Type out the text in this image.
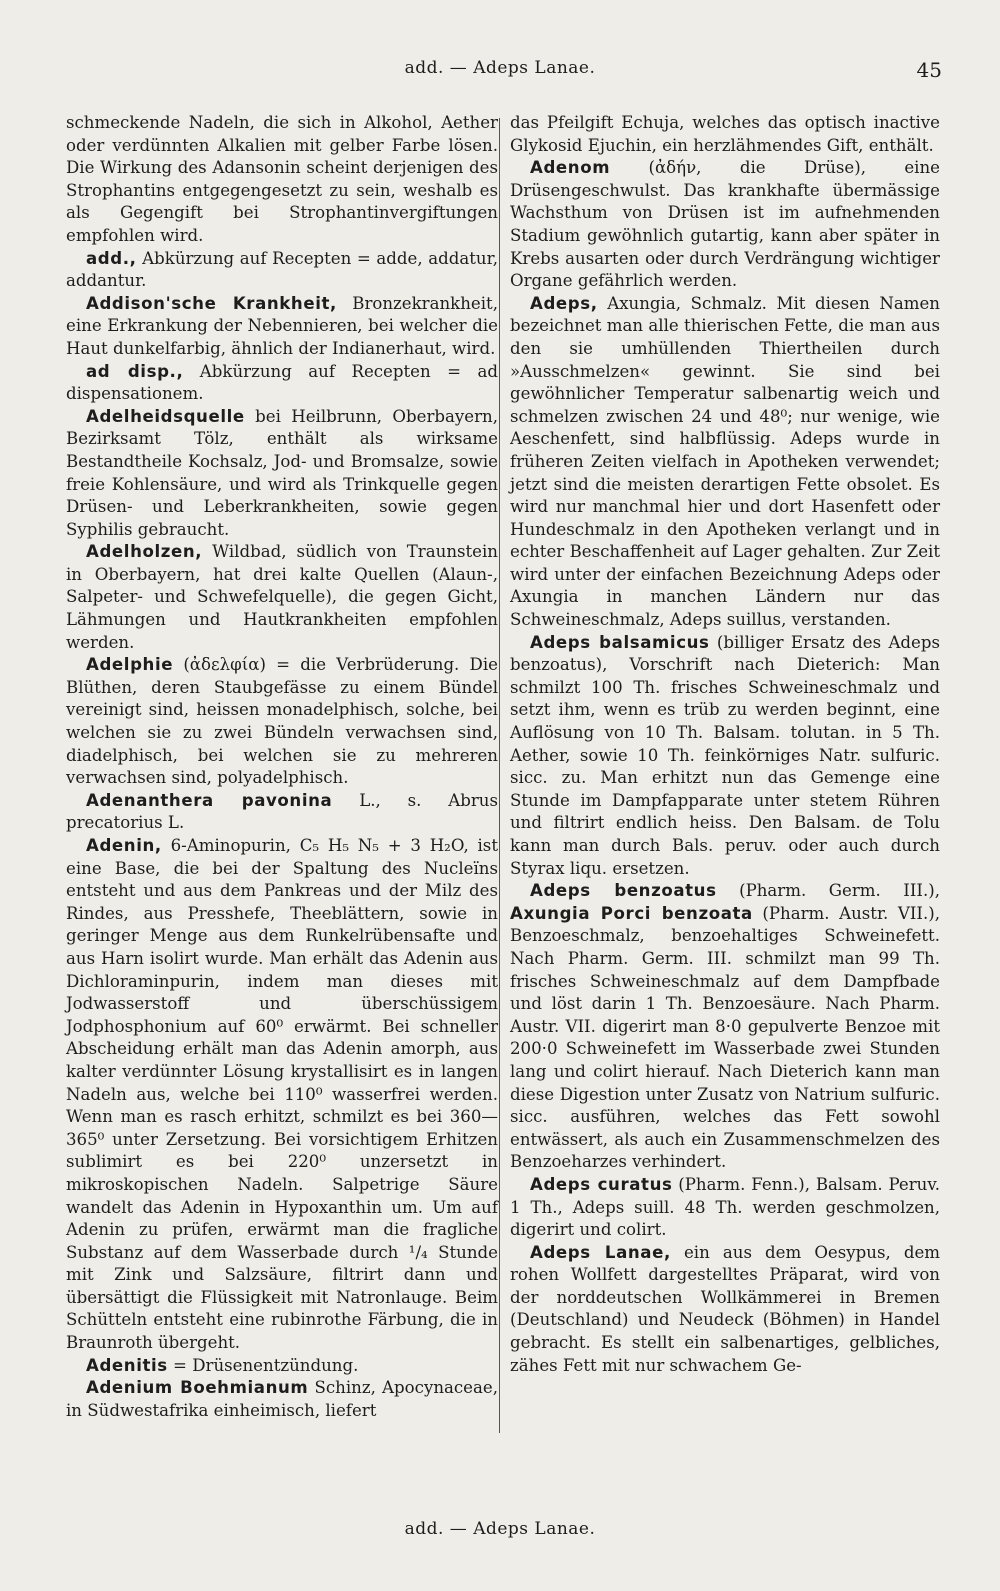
add. — Adeps Lanae.	45

schmeckende Nadeln, die sich in Alkohol, Aether oder verdünnten Alkalien mit gelber Farbe lösen. Die Wirkung des Adansonin scheint derjenigen des Strophantins entgegengesetzt zu sein, weshalb es als Gegengift bei Strophantinvergiftungen empfohlen wird.

add., Abkürzung auf Recepten = adde, addatur, addantur.

Addison'sche Krankheit, Bronzekrankheit, eine Erkrankung der Nebennieren, bei welcher die Haut dunkelfarbig, ähnlich der Indianerhaut, wird.

ad disp., Abkürzung auf Recepten = ad dispensationem.

Adelheidsquelle bei Heilbrunn, Oberbayern, Bezirksamt Tölz, enthält als wirksame Bestandtheile Kochsalz, Jod- und Bromsalze, sowie freie Kohlensäure, und wird als Trinkquelle gegen Drüsen- und Leberkrankheiten, sowie gegen Syphilis gebraucht.

Adelholzen, Wildbad, südlich von Traunstein in Oberbayern, hat drei kalte Quellen (Alaun-, Salpeter- und Schwefelquelle), die gegen Gicht, Lähmungen und Hautkrankheiten empfohlen werden.

Adelphie (ἀδελφία) = die Verbrüderung. Die Blüthen, deren Staubgefässe zu einem Bündel vereinigt sind, heissen monadelphisch, solche, bei welchen sie zu zwei Bündeln verwachsen sind, diadelphisch, bei welchen sie zu mehreren verwachsen sind, polyadelphisch.

Adenanthera pavonina L., s. Abrus precatorius L.

Adenin, 6-Aminopurin, C₅ H₅ N₅ + 3 H₂O, ist eine Base, die bei der Spaltung des Nucleïns entsteht und aus dem Pankreas und der Milz des Rindes, aus Presshefe, Theeblättern, sowie in geringer Menge aus dem Runkelrübensafte und aus Harn isolirt wurde. Man erhält das Adenin aus Dichloraminpurin, indem man dieses mit Jodwasserstoff und überschüssigem Jodphosphonium auf 60⁰ erwärmt. Bei schneller Abscheidung erhält man das Adenin amorph, aus kalter verdünnter Lösung krystallisirt es in langen Nadeln aus, welche bei 110⁰ wasserfrei werden. Wenn man es rasch erhitzt, schmilzt es bei 360—365⁰ unter Zersetzung. Bei vorsichtigem Erhitzen sublimirt es bei 220⁰ unzersetzt in mikroskopischen Nadeln. Salpetrige Säure wandelt das Adenin in Hypoxanthin um. Um auf Adenin zu prüfen, erwärmt man die fragliche Substanz auf dem Wasserbade durch ¹/₄ Stunde mit Zink und Salzsäure, filtrirt dann und übersättigt die Flüssigkeit mit Natronlauge. Beim Schütteln entsteht eine rubinrothe Färbung, die in Braunroth übergeht.

Adenitis = Drüsenentzündung.

Adenium Boehmianum Schinz, Apocynaceae, in Südwestafrika einheimisch, liefert

das Pfeilgift Echuja, welches das optisch inactive Glykosid Ejuchin, ein herzlähmendes Gift, enthält.

Adenom (ἀδήν, die Drüse), eine Drüsengeschwulst. Das krankhafte übermässige Wachsthum von Drüsen ist im aufnehmenden Stadium gewöhnlich gutartig, kann aber später in Krebs ausarten oder durch Verdrängung wichtiger Organe gefährlich werden.

Adeps, Axungia, Schmalz. Mit diesen Namen bezeichnet man alle thierischen Fette, die man aus den sie umhüllenden Thiertheilen durch »Ausschmelzen« gewinnt. Sie sind bei gewöhnlicher Temperatur salbenartig weich und schmelzen zwischen 24 und 48⁰; nur wenige, wie Aeschenfett, sind halbflüssig. Adeps wurde in früheren Zeiten vielfach in Apotheken verwendet; jetzt sind die meisten derartigen Fette obsolet. Es wird nur manchmal hier und dort Hasenfett oder Hundeschmalz in den Apotheken verlangt und in echter Beschaffenheit auf Lager gehalten. Zur Zeit wird unter der einfachen Bezeichnung Adeps oder Axungia in manchen Ländern nur das Schweineschmalz, Adeps suillus, verstanden.

Adeps balsamicus (billiger Ersatz des Adeps benzoatus), Vorschrift nach Dieterich: Man schmilzt 100 Th. frisches Schweineschmalz und setzt ihm, wenn es trüb zu werden beginnt, eine Auflösung von 10 Th. Balsam. tolutan. in 5 Th. Aether, sowie 10 Th. feinkörniges Natr. sulfuric. sicc. zu. Man erhitzt nun das Gemenge eine Stunde im Dampfapparate unter stetem Rühren und filtrirt endlich heiss. Den Balsam. de Tolu kann man durch Bals. peruv. oder auch durch Styrax liqu. ersetzen.

Adeps benzoatus (Pharm. Germ. III.), Axungia Porci benzoata (Pharm. Austr. VII.), Benzoeschmalz, benzoehaltiges Schweinefett. Nach Pharm. Germ. III. schmilzt man 99 Th. frisches Schweineschmalz auf dem Dampfbade und löst darin 1 Th. Benzoesäure. Nach Pharm. Austr. VII. digerirt man 8·0 gepulverte Benzoe mit 200·0 Schweinefett im Wasserbade zwei Stunden lang und colirt hierauf. Nach Dieterich kann man diese Digestion unter Zusatz von Natrium sulfuric. sicc. ausführen, welches das Fett sowohl entwässert, als auch ein Zusammenschmelzen des Benzoeharzes verhindert.

Adeps curatus (Pharm. Fenn.), Balsam. Peruv. 1 Th., Adeps suill. 48 Th. werden geschmolzen, digerirt und colirt.

Adeps Lanae, ein aus dem Oesypus, dem rohen Wollfett dargestelltes Präparat, wird von der norddeutschen Wollkämmerei in Bremen (Deutschland) und Neudeck (Böhmen) in Handel gebracht. Es stellt ein salbenartiges, gelbliches, zähes Fett mit nur schwachem Ge-

add. — Adeps Lanae.
